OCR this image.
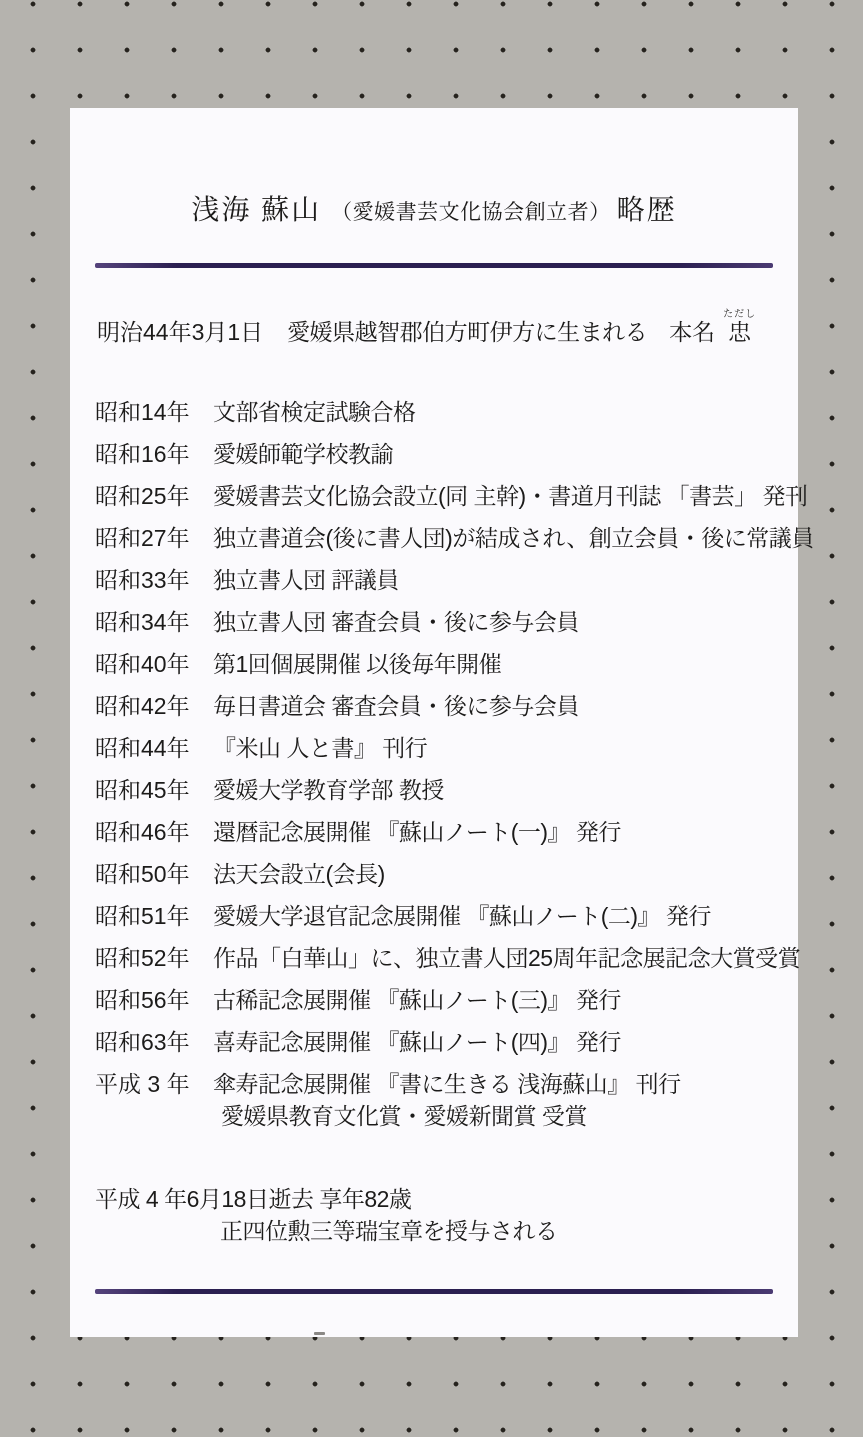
浅海 蘇山 （愛媛書芸文化協会創立者） 略歴
明治44年3月1日 愛媛県越智郡伯方町伊方に生まれる 本名 忠ただし
昭和14年	文部省検定試験合格
昭和16年	愛媛師範学校教諭
昭和25年	愛媛書芸文化協会設立(同 主幹)・書道月刊誌 「書芸」 発刊
昭和27年	独立書道会(後に書人団)が結成され、創立会員・後に常議員
昭和33年	独立書人団 評議員
昭和34年	独立書人団 審査会員・後に参与会員
昭和40年	第1回個展開催 以後毎年開催
昭和42年	毎日書道会 審査会員・後に参与会員
昭和44年	『米山 人と書』 刊行
昭和45年	愛媛大学教育学部 教授
昭和46年	還暦記念展開催 『蘇山ノート(一)』 発行
昭和50年	法天会設立(会長)
昭和51年	愛媛大学退官記念展開催 『蘇山ノート(二)』 発行
昭和52年	作品「白華山」に、独立書人団25周年記念展記念大賞受賞
昭和56年	古稀記念展開催 『蘇山ノート(三)』 発行
昭和63年	喜寿記念展開催 『蘇山ノート(四)』 発行
平成 3 年	傘寿記念展開催 『書に生きる 浅海蘇山』 刊行
愛媛県教育文化賞・愛媛新聞賞 受賞
平成 4 年6月18日逝去 享年82歳
正四位勲三等瑞宝章を授与される
